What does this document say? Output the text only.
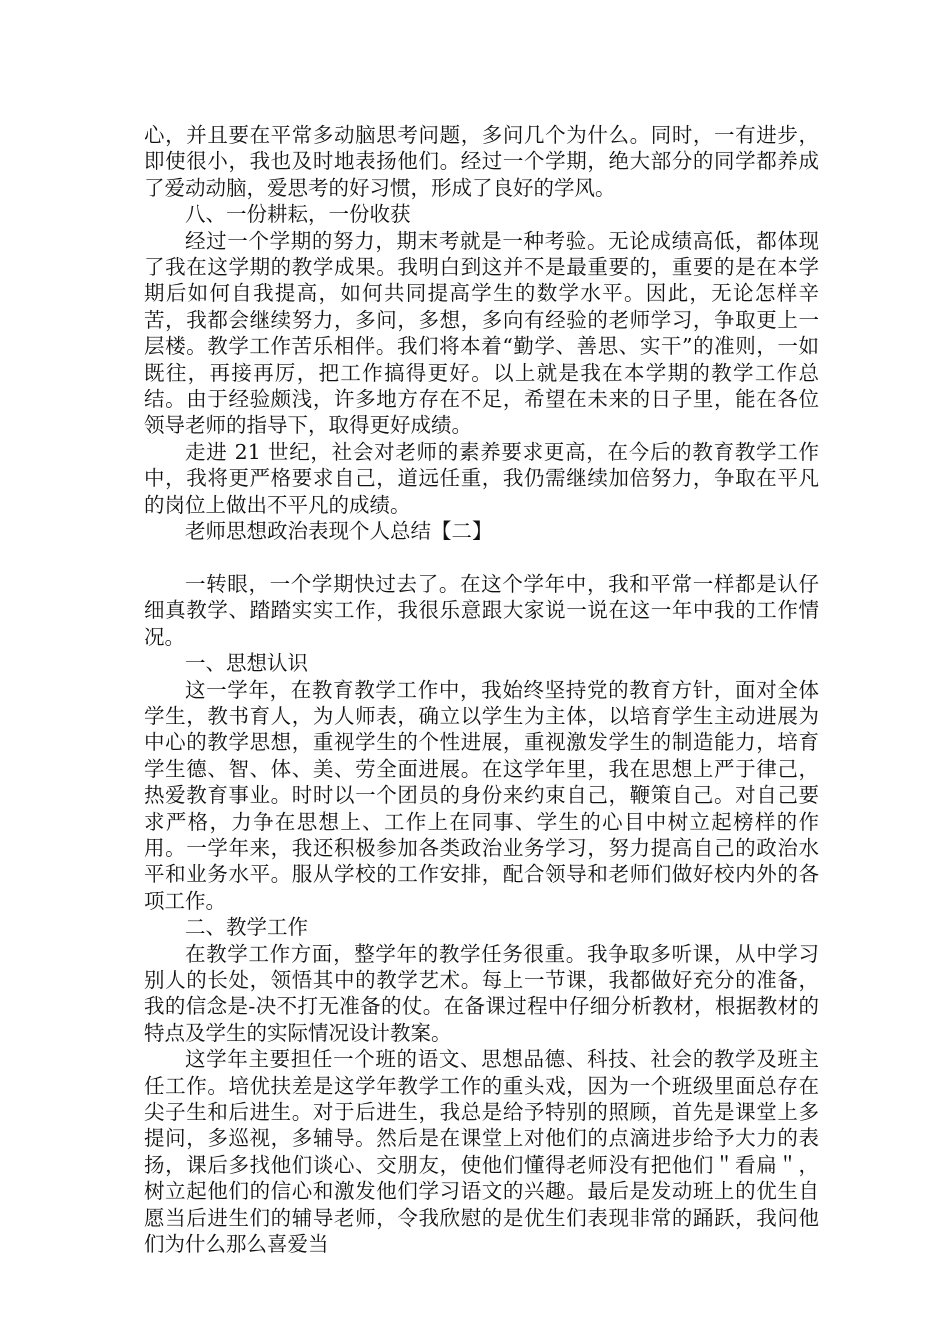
心，并且要在平常多动脑思考问题，多问几个为什么。同时，一有进步，即使很小，我也及时地表扬他们。经过一个学期，绝大部分的同学都养成了爱动动脑，爱思考的好习惯，形成了良好的学风。

八、一份耕耘，一份收获

经过一个学期的努力，期末考就是一种考验。无论成绩高低，都体现了我在这学期的教学成果。我明白到这并不是最重要的，重要的是在本学期后如何自我提高，如何共同提高学生的数学水平。因此，无论怎样辛苦，我都会继续努力，多问，多想，多向有经验的老师学习，争取更上一层楼。教学工作苦乐相伴。我们将本着“勤学、善思、实干”的准则，一如既往，再接再厉，把工作搞得更好。以上就是我在本学期的教学工作总结。由于经验颇浅，许多地方存在不足，希望在未来的日子里，能在各位领导老师的指导下，取得更好成绩。

走进 21 世纪，社会对老师的素养要求更高，在今后的教育教学工作中，我将更严格要求自己，道远任重，我仍需继续加倍努力，争取在平凡的岗位上做出不平凡的成绩。

老师思想政治表现个人总结【二】

一转眼，一个学期快过去了。在这个学年中，我和平常一样都是认仔细真教学、踏踏实实工作，我很乐意跟大家说一说在这一年中我的工作情况。

一、思想认识

这一学年，在教育教学工作中，我始终坚持党的教育方针，面对全体学生，教书育人，为人师表，确立以学生为主体，以培育学生主动进展为中心的教学思想，重视学生的个性进展，重视激发学生的制造能力，培育学生德、智、体、美、劳全面进展。在这学年里，我在思想上严于律己，热爱教育事业。时时以一个团员的身份来约束自己，鞭策自己。对自己要求严格，力争在思想上、工作上在同事、学生的心目中树立起榜样的作用。一学年来，我还积极参加各类政治业务学习，努力提高自己的政治水平和业务水平。服从学校的工作安排，配合领导和老师们做好校内外的各项工作。

二、教学工作

在教学工作方面，整学年的教学任务很重。我争取多听课，从中学习别人的长处，领悟其中的教学艺术。每上一节课，我都做好充分的准备，我的信念是-决不打无准备的仗。在备课过程中仔细分析教材，根据教材的特点及学生的实际情况设计教案。

这学年主要担任一个班的语文、思想品德、科技、社会的教学及班主任工作。培优扶差是这学年教学工作的重头戏，因为一个班级里面总存在尖子生和后进生。对于后进生，我总是给予特别的照顾，首先是课堂上多提问，多巡视，多辅导。然后是在课堂上对他们的点滴进步给予大力的表扬，课后多找他们谈心、交朋友，使他们懂得老师没有把他们＂看扁＂，树立起他们的信心和激发他们学习语文的兴趣。最后是发动班上的优生自愿当后进生们的辅导老师，令我欣慰的是优生们表现非常的踊跃，我问他们为什么那么喜爱当
